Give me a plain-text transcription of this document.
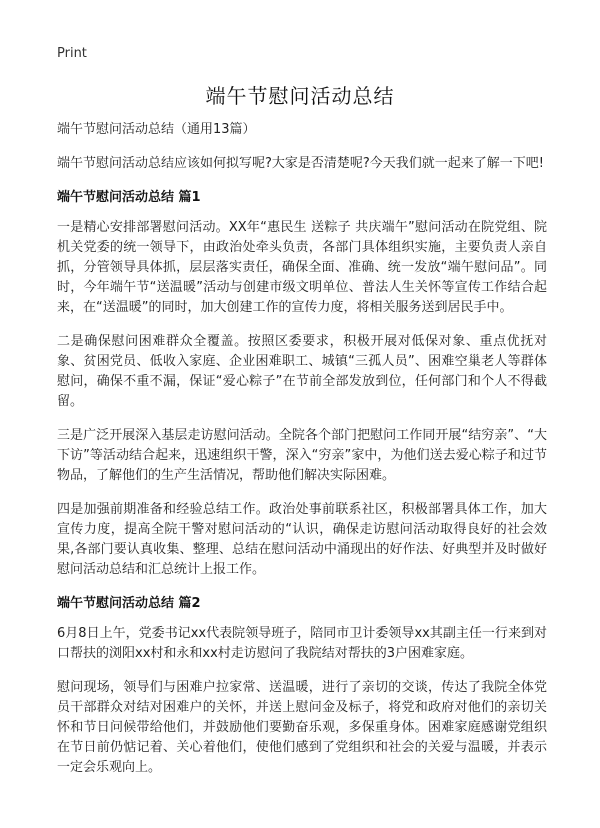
Print
端午节慰问活动总结

端午节慰问活动总结（通用13篇）

端午节慰问活动总结应该如何拟写呢?大家是否清楚呢?今天我们就一起来了解一下吧!

端午节慰问活动总结 篇1

一是精心安排部署慰问活动。XX年“惠民生 送粽子 共庆端午”慰问活动在院党组、院机关党委的统一领导下，由政治处牵头负责，各部门具体组织实施，主要负责人亲自抓，分管领导具体抓，层层落实责任，确保全面、准确、统一发放“端午慰问品”。同时，今年端午节“送温暖”活动与创建市级文明单位、普法人生关怀等宣传工作结合起来，在“送温暖”的同时，加大创建工作的宣传力度，将相关服务送到居民手中。

二是确保慰问困难群众全覆盖。按照区委要求，积极开展对低保对象、重点优抚对象、贫困党员、低收入家庭、企业困难职工、城镇“三孤人员”、困难空巢老人等群体慰问，确保不重不漏，保证“爱心粽子”在节前全部发放到位，任何部门和个人不得截留。

三是广泛开展深入基层走访慰问活动。全院各个部门把慰问工作同开展“结穷亲”、“大下访”等活动结合起来，迅速组织干警，深入“穷亲”家中，为他们送去爱心粽子和过节物品，了解他们的生产生活情况，帮助他们解决实际困难。

四是加强前期准备和经验总结工作。政治处事前联系社区，积极部署具体工作，加大宣传力度，提高全院干警对慰问活动的“认识，确保走访慰问活动取得良好的社会效果,各部门要认真收集、整理、总结在慰问活动中涌现出的好作法、好典型并及时做好慰问活动总结和汇总统计上报工作。

端午节慰问活动总结 篇2

6月8日上午，党委书记xx代表院领导班子，陪同市卫计委领导xx其副主任一行来到对口帮扶的浏阳xx村和永和xx村走访慰问了我院结对帮扶的3户困难家庭。

慰问现场，领导们与困难户拉家常、送温暖，进行了亲切的交谈，传达了我院全体党员干部群众对结对困难户的关怀，并送上慰问金及标子，将党和政府对他们的亲切关怀和节日问候带给他们，并鼓励他们要勤奋乐观，多保重身体。困难家庭感谢党组织在节日前仍惦记着、关心着他们，使他们感到了党组织和社会的关爱与温暖，并表示一定会乐观向上。
